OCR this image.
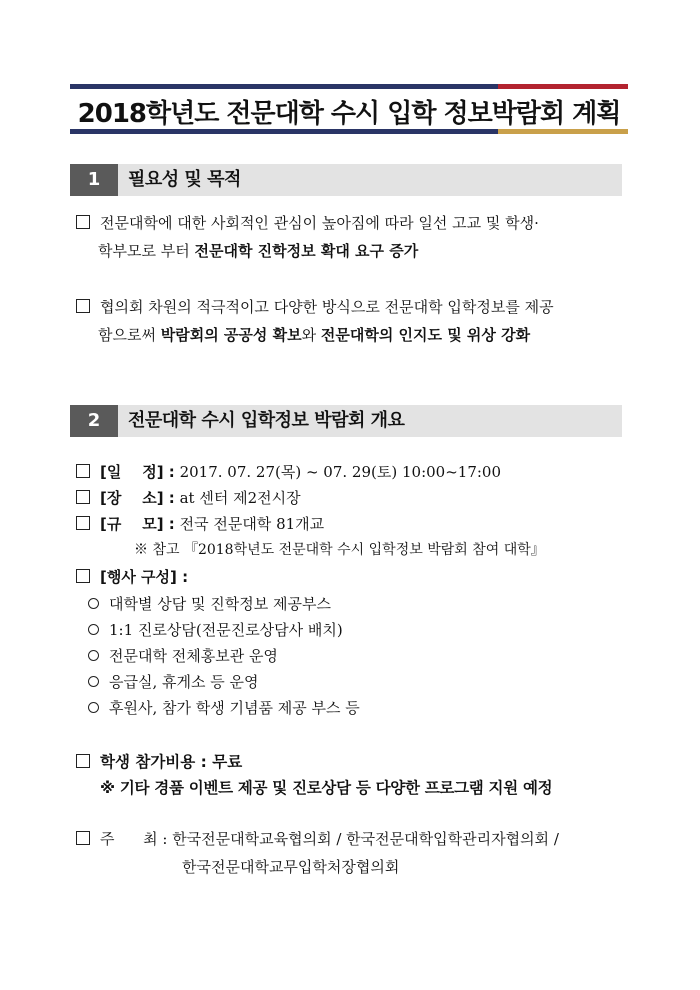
2018학년도 전문대학 수시 입학 정보박람회 계획
1	필요성 및 목적
전문대학에 대한 사회적인 관심이 높아짐에 따라 일선 고교 및 학생·
학부모로 부터 전문대학 진학정보 확대 요구 증가
협의회 차원의 적극적이고 다양한 방식으로 전문대학 입학정보를 제공
함으로써 박람회의 공공성 확보와 전문대학의 인지도 및 위상 강화
2	전문대학 수시 입학정보 박람회 개요
[일    정] : 2017. 07. 27(목) ~ 07. 29(토) 10:00~17:00
[장    소] : at 센터 제2전시장
[규    모] : 전국 전문대학 81개교
※ 참고 『2018학년도 전문대학 수시 입학정보 박람회 참여 대학』
[행사 구성] :
대학별 상담 및 진학정보 제공부스
1:1 진로상담(전문진로상담사 배치)
전문대학 전체홍보관 운영
응급실, 휴게소 등 운영
후원사, 참가 학생 기념품 제공 부스 등
학생 참가비용 : 무료
※ 기타 경품 이벤트 제공 및 진로상담 등 다양한 프로그램 지원 예정
주      최 : 한국전문대학교육협의회 / 한국전문대학입학관리자협의회 /
한국전문대학교무입학처장협의회
